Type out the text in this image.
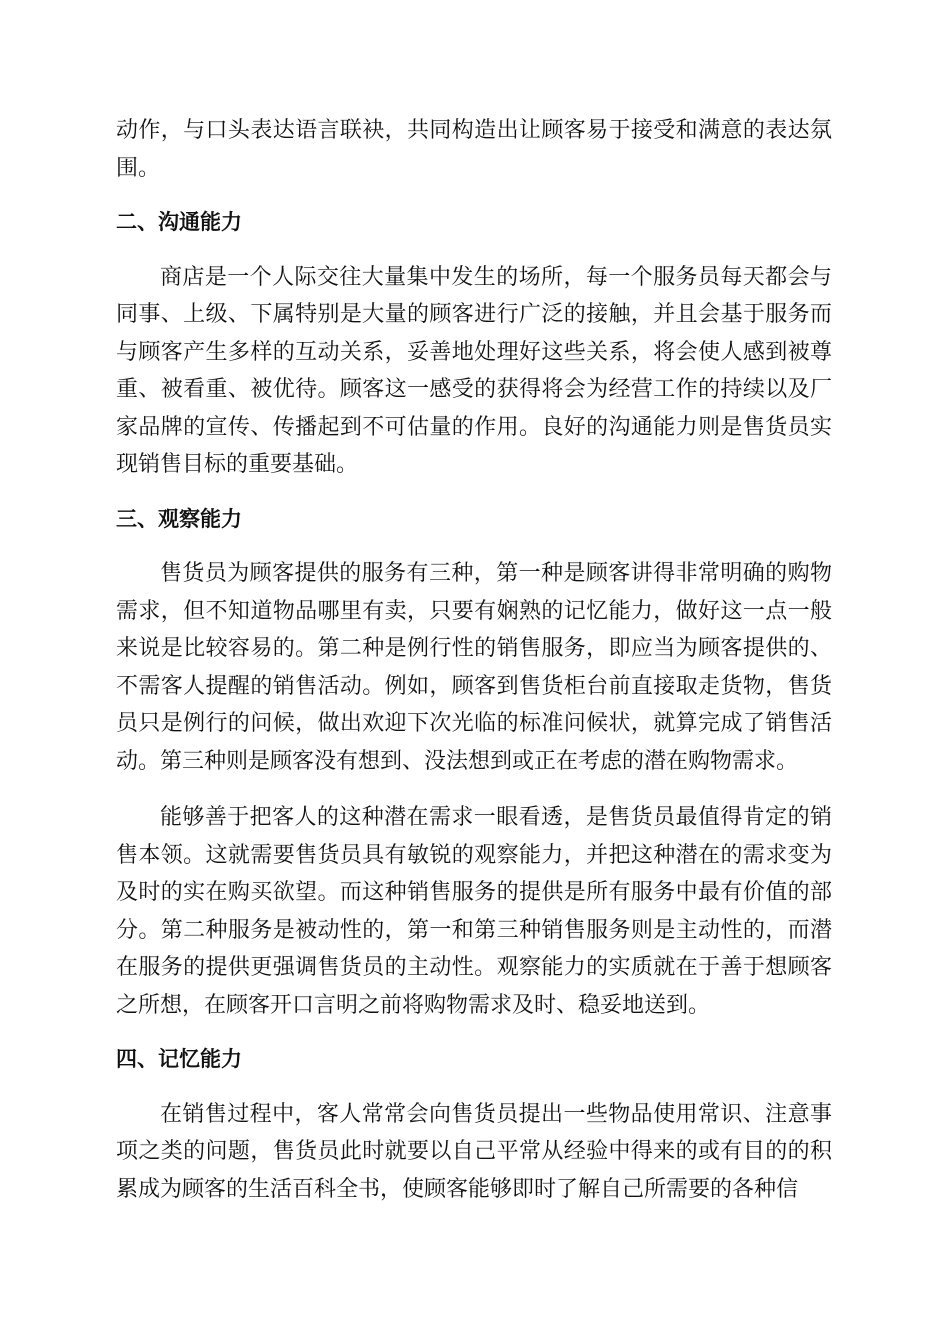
动作，与口头表达语言联袂，共同构造出让顾客易于接受和满意的表达氛围。

二、沟通能力

商店是一个人际交往大量集中发生的场所，每一个服务员每天都会与同事、上级、下属特别是大量的顾客进行广泛的接触，并且会基于服务而与顾客产生多样的互动关系，妥善地处理好这些关系，将会使人感到被尊重、被看重、被优待。顾客这一感受的获得将会为经营工作的持续以及厂家品牌的宣传、传播起到不可估量的作用。良好的沟通能力则是售货员实现销售目标的重要基础。

三、观察能力

售货员为顾客提供的服务有三种，第一种是顾客讲得非常明确的购物需求，但不知道物品哪里有卖，只要有娴熟的记忆能力，做好这一点一般来说是比较容易的。第二种是例行性的销售服务，即应当为顾客提供的、不需客人提醒的销售活动。例如，顾客到售货柜台前直接取走货物，售货员只是例行的问候，做出欢迎下次光临的标准问候状，就算完成了销售活动。第三种则是顾客没有想到、没法想到或正在考虑的潜在购物需求。

能够善于把客人的这种潜在需求一眼看透，是售货员最值得肯定的销售本领。这就需要售货员具有敏锐的观察能力，并把这种潜在的需求变为及时的实在购买欲望。而这种销售服务的提供是所有服务中最有价值的部分。第二种服务是被动性的，第一和第三种销售服务则是主动性的，而潜在服务的提供更强调售货员的主动性。观察能力的实质就在于善于想顾客之所想，在顾客开口言明之前将购物需求及时、稳妥地送到。

四、记忆能力

在销售过程中，客人常常会向售货员提出一些物品使用常识、注意事项之类的问题，售货员此时就要以自己平常从经验中得来的或有目的的积累成为顾客的生活百科全书，使顾客能够即时了解自己所需要的各种信
